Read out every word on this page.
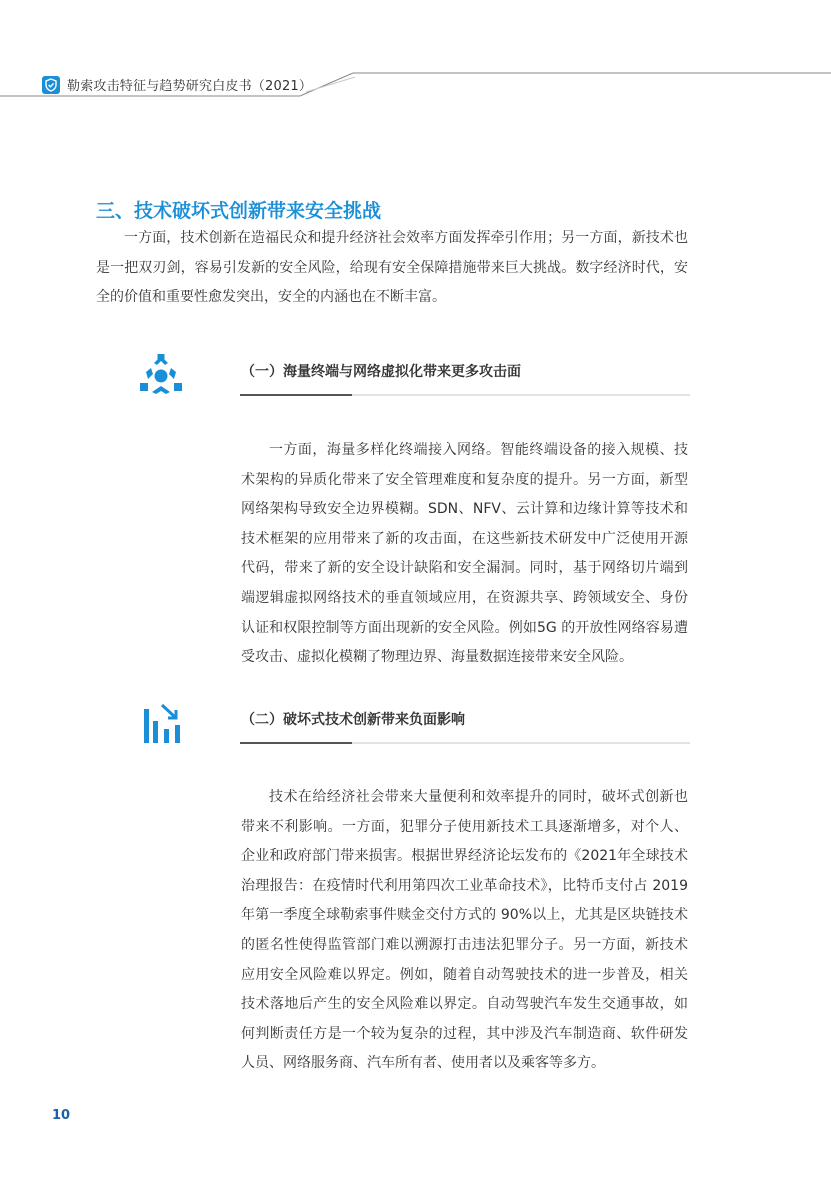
勒索攻击特征与趋势研究白皮书（2021）
三、技术破坏式创新带来安全挑战

一方面，技术创新在造福民众和提升经济社会效率方面发挥牵引作用；另一方面，新技术也是一把双刃剑，容易引发新的安全风险，给现有安全保障措施带来巨大挑战。数字经济时代，安全的价值和重要性愈发突出，安全的内涵也在不断丰富。

（一）海量终端与网络虚拟化带来更多攻击面

一方面，海量多样化终端接入网络。智能终端设备的接入规模、技术架构的异质化带来了安全管理难度和复杂度的提升。另一方面，新型网络架构导致安全边界模糊。SDN、NFV、云计算和边缘计算等技术和技术框架的应用带来了新的攻击面，在这些新技术研发中广泛使用开源代码，带来了新的安全设计缺陷和安全漏洞。同时，基于网络切片端到端逻辑虚拟网络技术的垂直领域应用，在资源共享、跨领域安全、身份认证和权限控制等方面出现新的安全风险。例如5G 的开放性网络容易遭受攻击、虚拟化模糊了物理边界、海量数据连接带来安全风险。

（二）破坏式技术创新带来负面影响

技术在给经济社会带来大量便利和效率提升的同时，破坏式创新也带来不利影响。一方面，犯罪分子使用新技术工具逐渐增多，对个人、企业和政府部门带来损害。根据世界经济论坛发布的《2021年全球技术治理报告：在疫情时代利用第四次工业革命技术》，比特币支付占 2019 年第一季度全球勒索事件赎金交付方式的 90%以上，尤其是区块链技术的匿名性使得监管部门难以溯源打击违法犯罪分子。另一方面，新技术应用安全风险难以界定。例如，随着自动驾驶技术的进一步普及，相关技术落地后产生的安全风险难以界定。自动驾驶汽车发生交通事故，如何判断责任方是一个较为复杂的过程，其中涉及汽车制造商、软件研发人员、网络服务商、汽车所有者、使用者以及乘客等多方。

10
